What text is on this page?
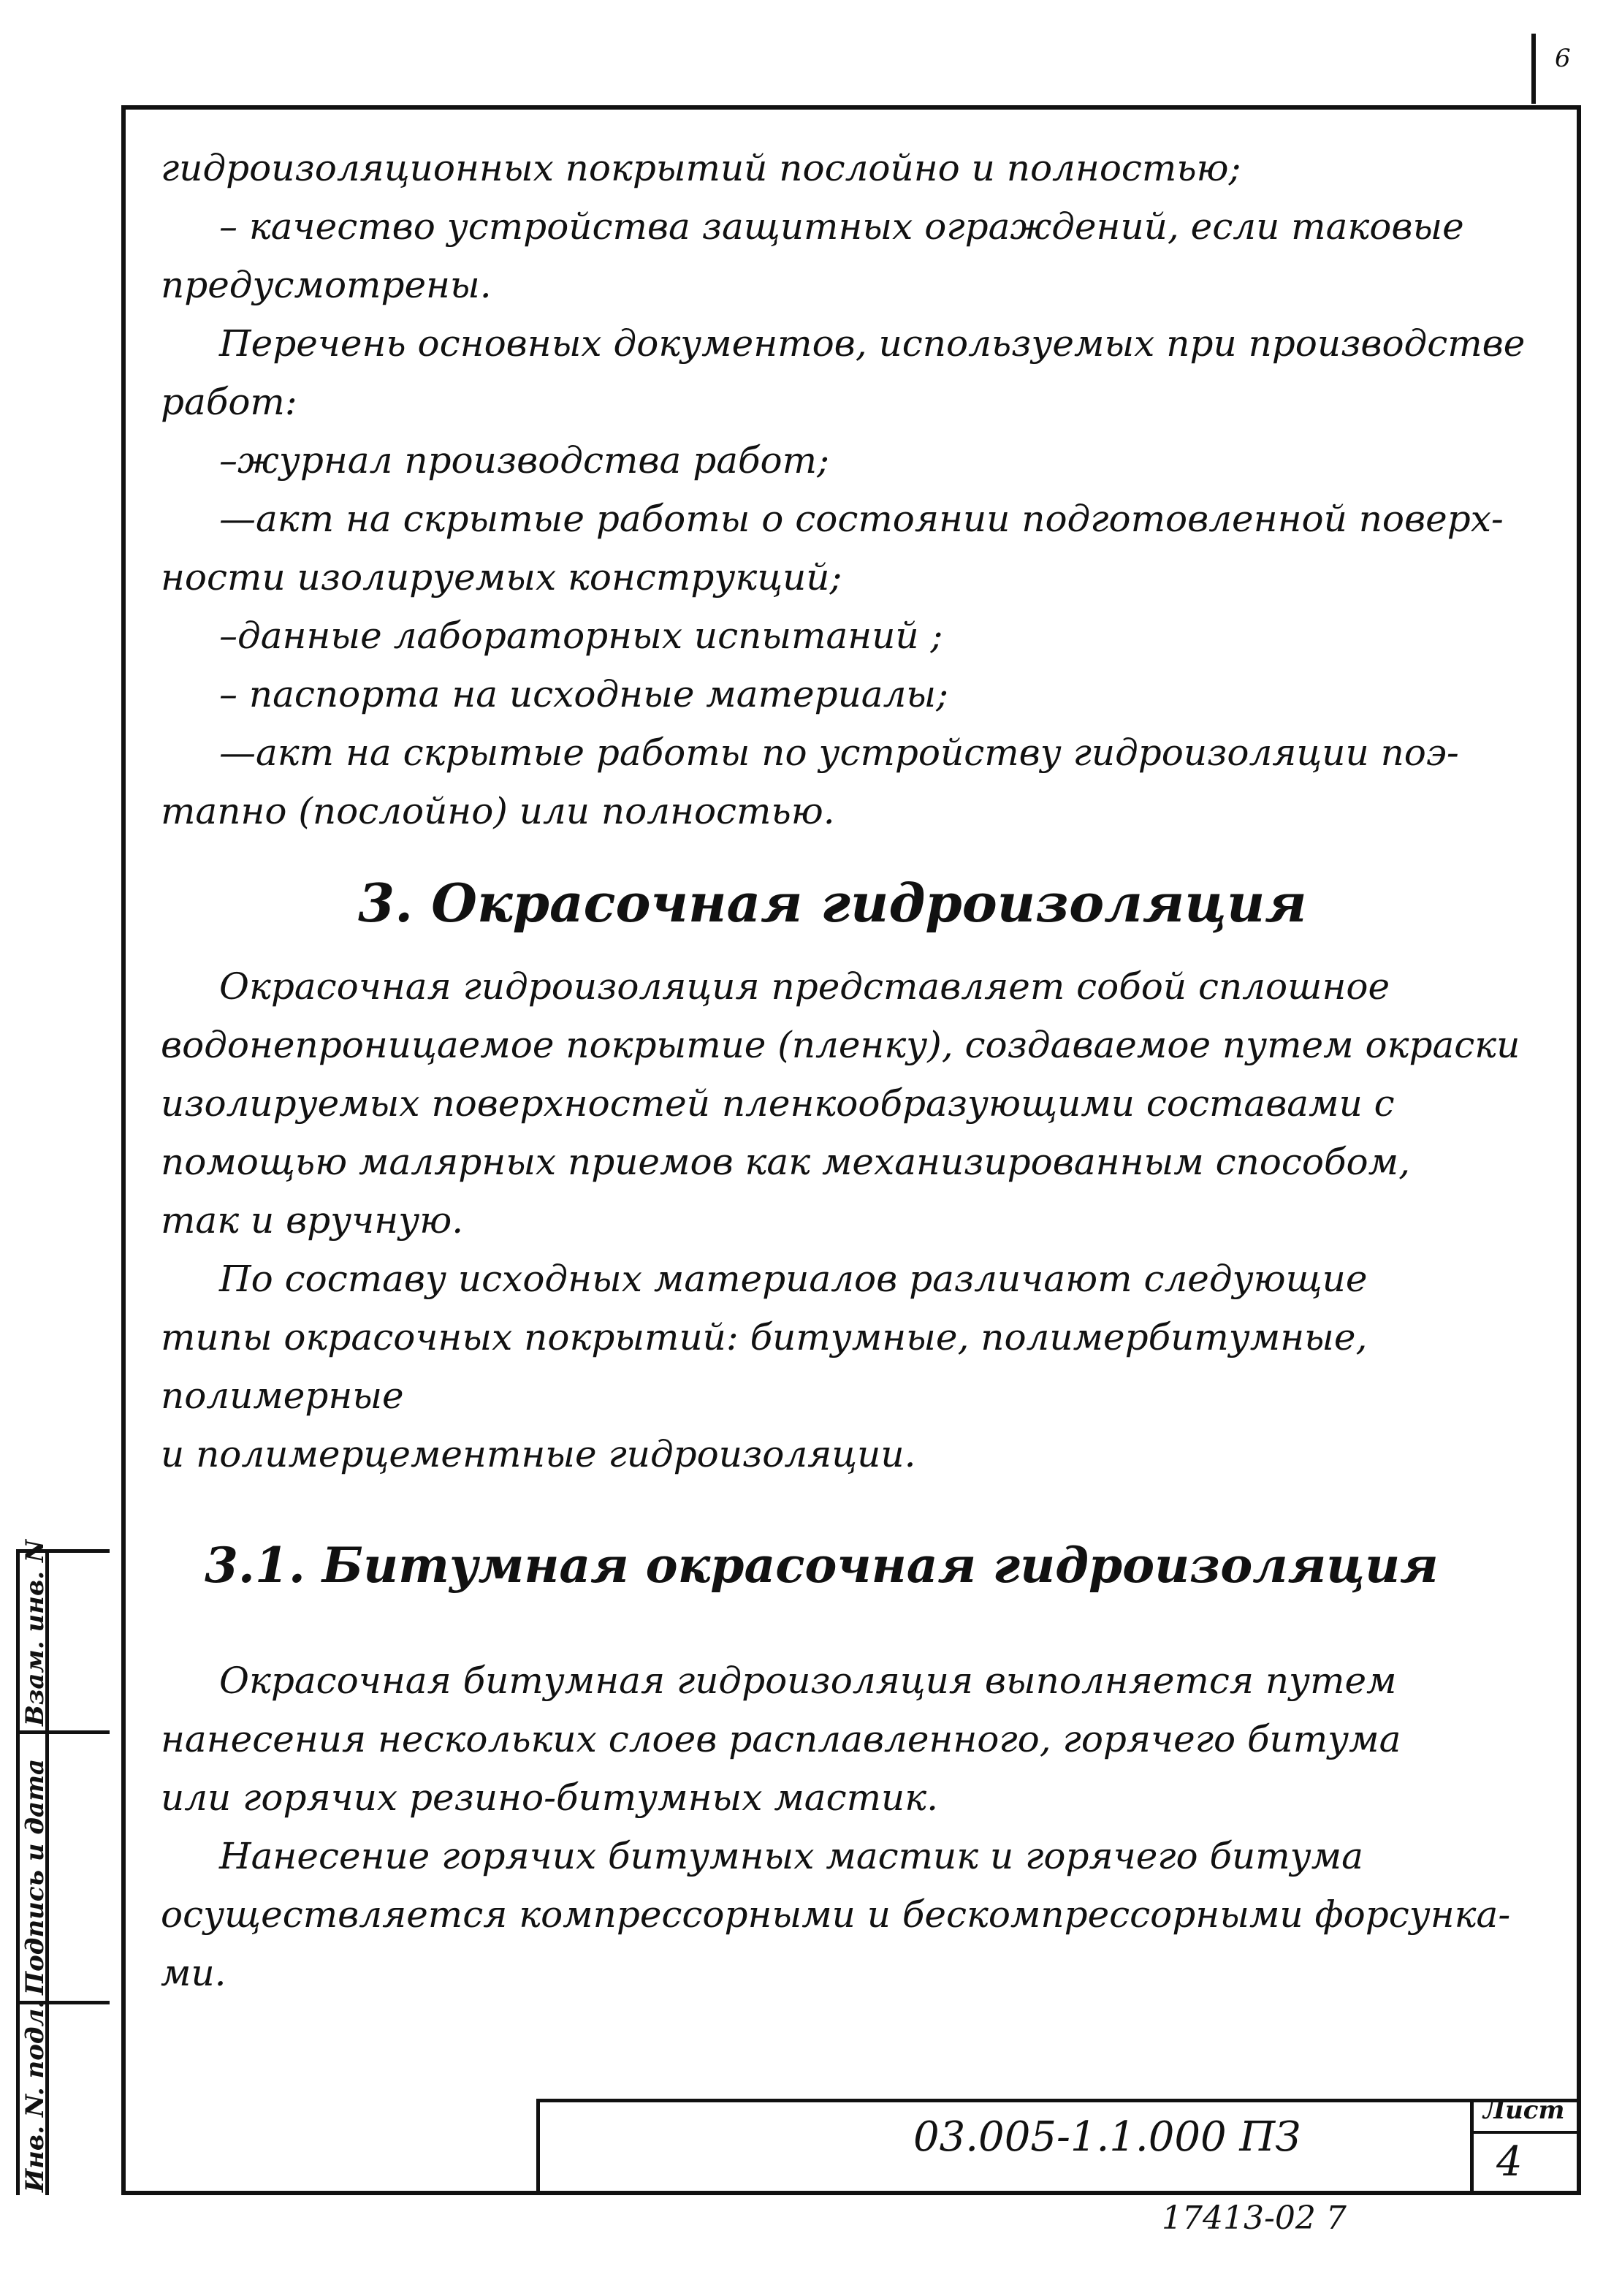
6

гидроизоляционных покрытий послойно и полностью;

– качество устройства защитных ограждений, если таковые

предусмотрены.

Перечень основных документов, используемых при производстве

работ:

–журнал производства работ;

—акт на скрытые работы о состоянии подготовленной поверх-

ности изолируемых конструкций;

–данные лабораторных испытаний ;

– паспорта на исходные материалы;

—акт на скрытые работы по устройству гидроизоляции поэ-

тапно (послойно) или полностью.

3. Окрасочная гидроизоляция

Окрасочная гидроизоляция представляет собой сплошное

водонепроницаемое покрытие (пленку), создаваемое путем окраски

изолируемых поверхностей пленкообразующими составами с

помощью малярных приемов как механизированным способом,

так и вручную.

По составу исходных материалов различают следующие

типы окрасочных покрытий: битумные, полимербитумные, полимерные

и полимерцементные гидроизоляции.

3.1. Битумная окрасочная гидроизоляция

Окрасочная битумная гидроизоляция выполняется путем

нанесения нескольких слоев расплавленного, горячего битума

или горячих резино-битумных мастик.

Нанесение горячих битумных мастик и горячего битума

осуществляется компрессорными и бескомпрессорными форсунка-

ми.

Инв. N. подл.
Подпись и дата
Взам. инв. N
03.005-1.1.000 ПЗ
Лист
4
17413-02 7
